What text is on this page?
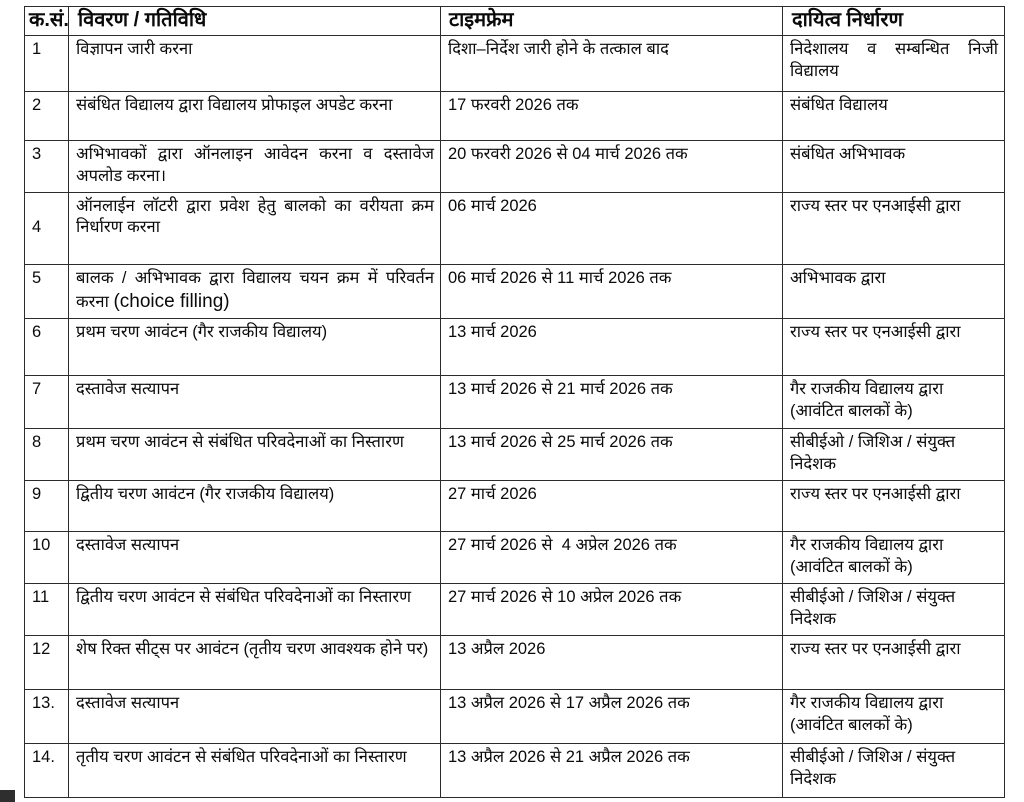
क.सं.	विवरण / गतिविधि	टाइमफ्रेम	दायित्व निर्धारण
1	विज्ञापन जारी करना	दिशा–निर्देश जारी होने के तत्काल बाद	निदेशालय व सम्बन्धित निजी विद्यालय
2	संबंधित विद्यालय द्वारा विद्यालय प्रोफाइल अपडेट करना	17 फरवरी 2026 तक	संबंधित विद्यालय
3	अभिभावकों द्वारा ऑनलाइन आवेदन करना व दस्तावेज अपलोड करना।	20 फरवरी 2026 से 04 मार्च 2026 तक	संबंधित अभिभावक
4	ऑनलाईन लॉटरी द्वारा प्रवेश हेतु बालको का वरीयता क्रम निर्धारण करना	06 मार्च 2026	राज्य स्तर पर एनआईसी द्वारा
5	बालक / अभिभावक द्वारा विद्यालय चयन क्रम में परिवर्तन करना (choice filling)	06 मार्च 2026 से 11 मार्च 2026 तक	अभिभावक द्वारा
6	प्रथम चरण आवंटन (गैर राजकीय विद्यालय)	13 मार्च 2026	राज्य स्तर पर एनआईसी द्वारा
7	दस्तावेज सत्यापन	13 मार्च 2026 से 21 मार्च 2026 तक	गैर राजकीय विद्यालय द्वारा (आवंटित बालकों के)
8	प्रथम चरण आवंटन से संबंधित परिवदेनाओं का निस्तारण	13 मार्च 2026 से 25 मार्च 2026 तक	सीबीईओ / जिशिअ / संयुक्त निदेशक
9	द्वितीय चरण आवंटन (गैर राजकीय विद्यालय)	27 मार्च 2026	राज्य स्तर पर एनआईसी द्वारा
10	दस्तावेज सत्यापन	27 मार्च 2026 से  4 अप्रेल 2026 तक	गैर राजकीय विद्यालय द्वारा (आवंटित बालकों के)
11	द्वितीय चरण आवंटन से संबंधित परिवदेनाओं का निस्तारण	27 मार्च 2026 से 10 अप्रेल 2026 तक	सीबीईओ / जिशिअ / संयुक्त निदेशक
12	शेष रिक्त सीट्स पर आवंटन (तृतीय चरण आवश्यक होने पर)	13 अप्रैल 2026	राज्य स्तर पर एनआईसी द्वारा
13.	दस्तावेज सत्यापन	13 अप्रैल 2026 से 17 अप्रैल 2026 तक	गैर राजकीय विद्यालय द्वारा (आवंटित बालकों के)
14.	तृतीय चरण आवंटन से संबंधित परिवदेनाओं का निस्तारण	13 अप्रैल 2026 से 21 अप्रैल 2026 तक	सीबीईओ / जिशिअ / संयुक्त निदेशक
